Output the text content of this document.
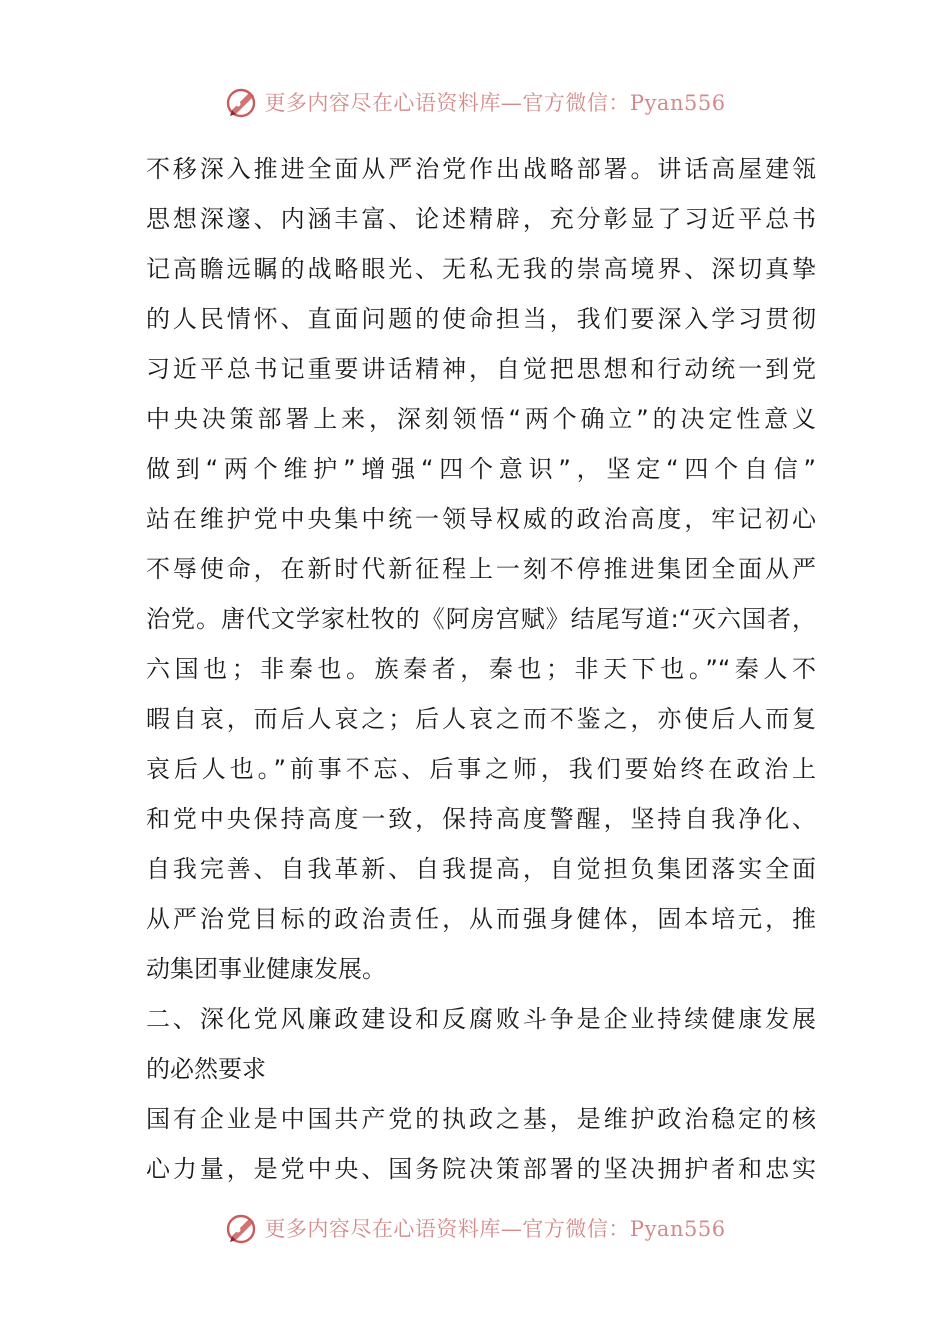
更多内容尽在心语资料库—官方微信：Pyan556
不移深入推进全面从严治党作出战略部署。讲话高屋建瓴
思想深邃、内涵丰富、论述精辟，充分彰显了习近平总书
记高瞻远瞩的战略眼光、无私无我的崇高境界、深切真挚
的人民情怀、直面问题的使命担当，我们要深入学习贯彻
习近平总书记重要讲话精神，自觉把思想和行动统一到党
中央决策部署上来，深刻领悟“两个确立”的决定性意义
做到“两个维护”增强“四个意识”，坚定“四个自信”
站在维护党中央集中统一领导权威的政治高度，牢记初心
不辱使命，在新时代新征程上一刻不停推进集团全面从严
治党。唐代文学家杜牧的《阿房宫赋》结尾写道:“灭六国者，
六国也；非秦也。族秦者，秦也；非天下也。”“秦人不
暇自哀，而后人哀之；后人哀之而不鉴之，亦使后人而复
哀后人也。”前事不忘、后事之师，我们要始终在政治上
和党中央保持高度一致，保持高度警醒，坚持自我净化、
自我完善、自我革新、自我提高，自觉担负集团落实全面
从严治党目标的政治责任，从而强身健体，固本培元，推
动集团事业健康发展。
二、深化党风廉政建设和反腐败斗争是企业持续健康发展
的必然要求
国有企业是中国共产党的执政之基，是维护政治稳定的核
心力量，是党中央、国务院决策部署的坚决拥护者和忠实
更多内容尽在心语资料库—官方微信：Pyan556
